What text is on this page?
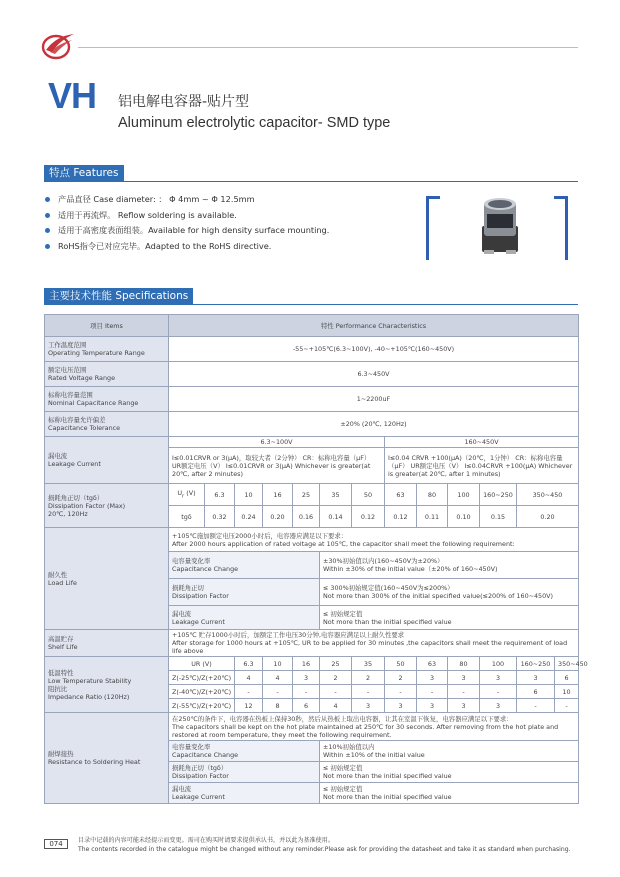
VH 铝电解电容器-贴片型
Aluminum electrolytic capacitor- SMD type
特点 Features
产品直径 Case diameter: ： Φ 4mm ~ Φ 12.5mm
适用于再流焊。 Reflow soldering is available.
适用于高密度表面组装。Available for high density surface mounting.
RoHS指令已对应完毕。Adapted to the RoHS directive.
主要技术性能 Specifications
项目 Items	特性 Performance Characteristics												
工作温度范围
Operating Temperature Range	-55~+105℃(6.3~100V), -40~+105℃(160~450V)												
额定电压范围
Rated Voltage Range	6.3~450V												
标称电容量范围
Nominal Capacitance Range	1~2200uF												
标称电容量允许偏差
Capacitance Tolerance	±20% (20℃, 120Hz)												
漏电流
Leakage Current	6.3~100V							160~450V					
	I≤0.01CRVR or 3(μA)，取较大者（2分钟） CR：标称电容量（μF） UR额定电压（V） I≤0.01CRVR or 3(μA) Whichever is greater(at 20℃, after 2 minutes)							I≤0.04 CRVR +100(μA)（20℃，1分钟） CR：标称电容量（μF） UR额定电压（V） I≤0.04CRVR +100(μA) Whichever is greater(at 20℃, after 1 minutes)					
损耗角正切（tgδ）
Dissipation Factor (Max)
20℃, 120Hz	$U_r$ (V)	6.3	10	16	25	35	50	63	80	100	160~250	350~450	
	tgδ	0.32	0.24	0.20	0.16	0.14	0.12	0.12	0.11	0.10	0.15	0.20	
耐久性
Load Life	+105℃施加额定电压2000小时后，电容器应满足以下要求：
After 2000 hours application of rated voltage at 105℃, the capacitor shall meet the following requirement:												
	电容量变化率
Capacitance Change					±30%初始值以内(160~450V为±20%）
Within ±30% of the initial value（±20% of 160~450V)							
	损耗角正切
Dissipation Factor					≤ 300%初始规定值(160~450V为≤200%）
Not more than 300% of the initial specified value(≤200% of 160~450V)							
	漏电流
Leakage Current					≤ 初始规定值
Not more than the initial specified value							
高温贮存
Shelf Life	+105℃ 贮存1000小时后，加额定工作电压30分钟,电容器应满足以上耐久性要求
After storage for 1000 hours at +105℃, UR to be applied for 30 minutes ,the capacitors shall meet the requirement of load life above												
低温特性
Low Temperature Stability
阻抗比
Impedance Ratio (120Hz)	UR (V)		6.3	10	16	25	35	50	63	80	100	160~250	350~450
	Z(-25℃)/Z(+20℃)		4	4	3	2	2	2	3	3	3	3	6
	Z(-40℃)/Z(+20℃)		-	-	-	-	-	-	-	-	-	6	10
	Z(-55℃)/Z(+20℃)		12	8	6	4	3	3	3	3	3	-	-
耐焊接热
Resistance to Soldering Heat	在250℃的条件下，电容器在热板上保持30秒，然后从热板上取出电容器，让其在室温下恢复，电容器应满足以下要求：
The capacitors shall be kept on the hot plate maintained at 250℃ for 30 seconds. After removing from the hot plate and restored at room temperature, they meet the following requirement.												
	电容量变化率
Capacitance Change					±10%初始值以内
Within ±10% of the initial value							
	损耗角正切（tgδ）
Dissipation Factor					≤ 初始规定值
Not more than the initial specified value							
	漏电流
Leakage Current					≤ 初始规定值
Not more than the initial specified value							
074	目录中记载的内容可能未经提示而变更。需司在购买时请要求提供承认书，并以此为基准使用。
The contents recorded in the catalogue might be changed without any reminder.Please ask for providing the datasheet and take it as standard when purchasing.
